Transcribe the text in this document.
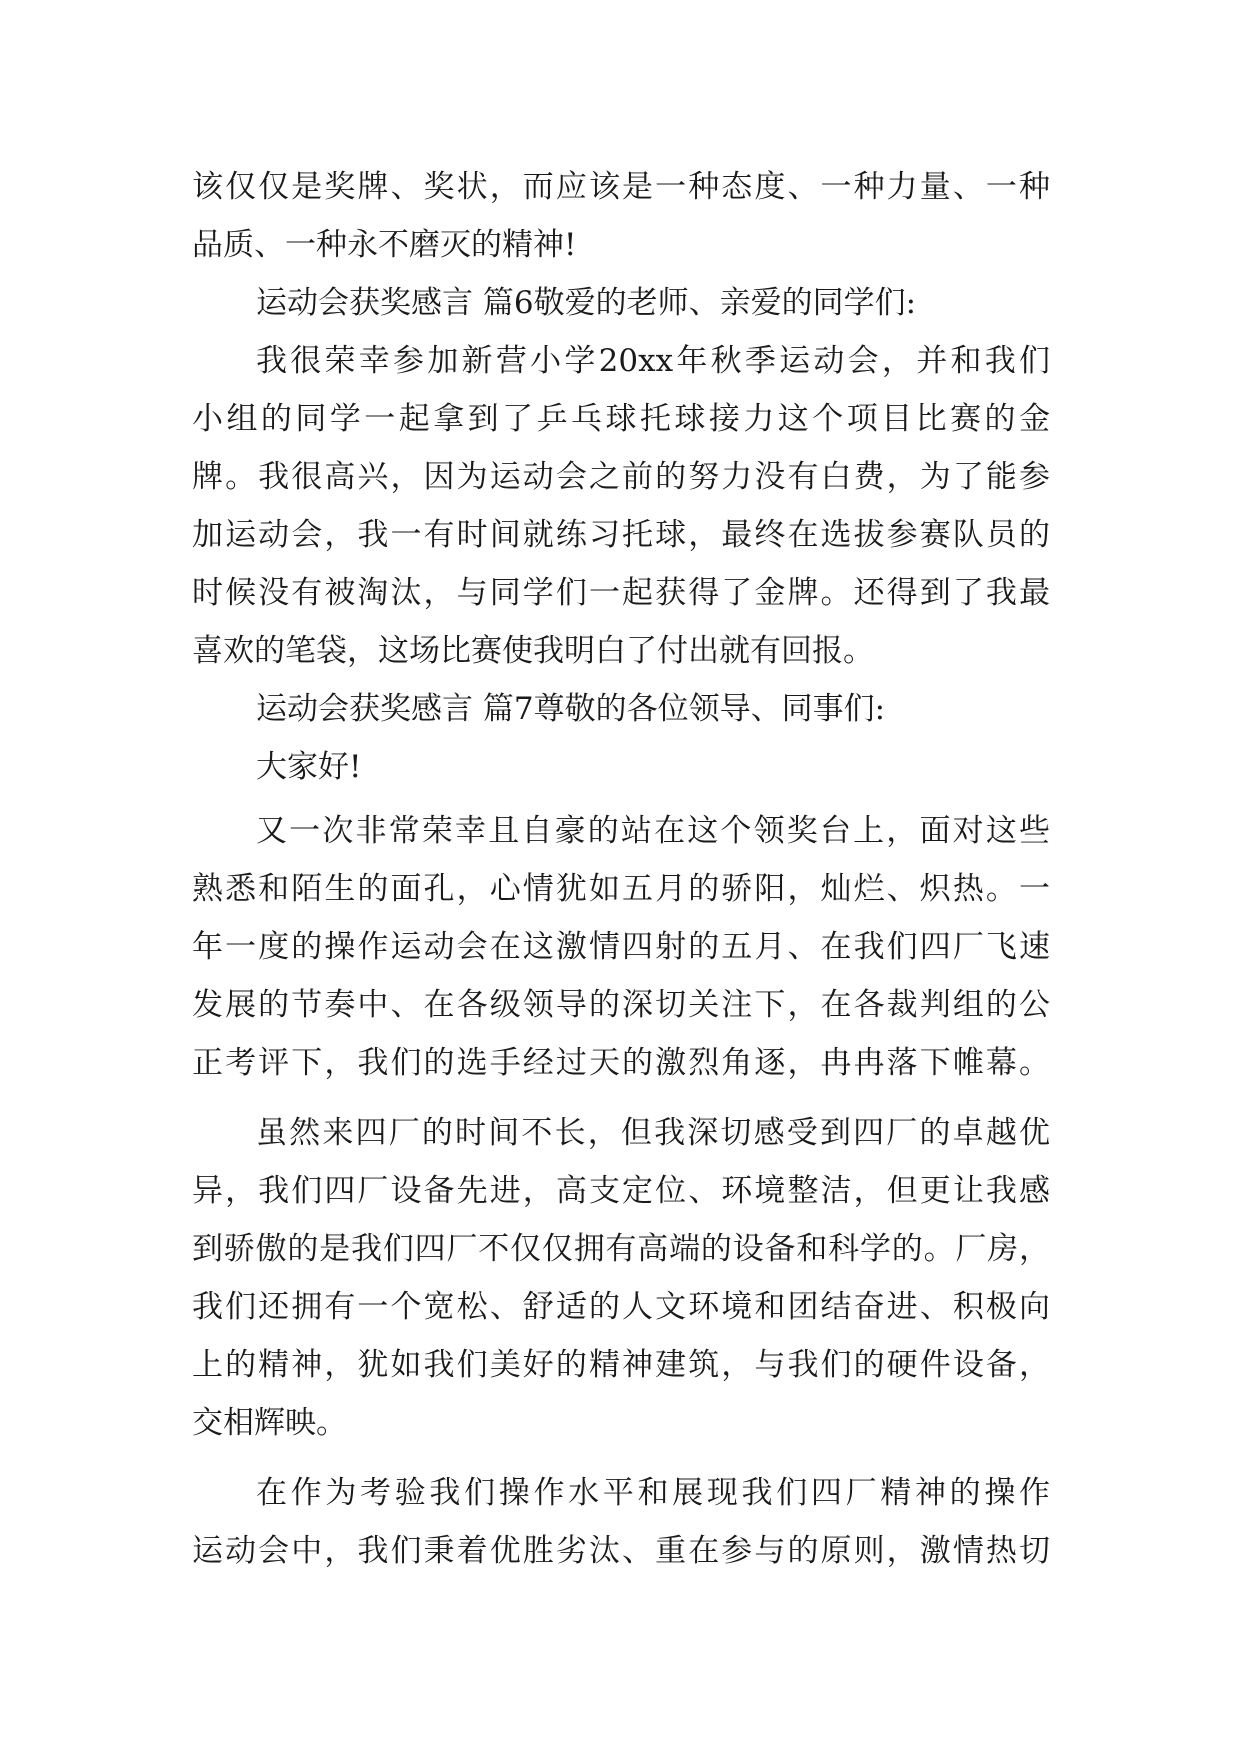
该仅仅是奖牌、奖状，而应该是一种态度、一种力量、一种
品质、一种永不磨灭的精神!
运动会获奖感言 篇6敬爱的老师、亲爱的同学们:
我很荣幸参加新营小学20xx年秋季运动会，并和我们
小组的同学一起拿到了乒乓球托球接力这个项目比赛的金
牌。我很高兴，因为运动会之前的努力没有白费，为了能参
加运动会，我一有时间就练习托球，最终在选拔参赛队员的
时候没有被淘汰，与同学们一起获得了金牌。还得到了我最
喜欢的笔袋，这场比赛使我明白了付出就有回报。
运动会获奖感言 篇7尊敬的各位领导、同事们:
大家好!
又一次非常荣幸且自豪的站在这个领奖台上，面对这些
熟悉和陌生的面孔，心情犹如五月的骄阳，灿烂、炽热。一
年一度的操作运动会在这激情四射的五月、在我们四厂飞速
发展的节奏中、在各级领导的深切关注下，在各裁判组的公
正考评下，我们的选手经过天的激烈角逐，冉冉落下帷幕。
虽然来四厂的时间不长，但我深切感受到四厂的卓越优
异，我们四厂设备先进，高支定位、环境整洁，但更让我感
到骄傲的是我们四厂不仅仅拥有高端的设备和科学的。厂房，
我们还拥有一个宽松、舒适的人文环境和团结奋进、积极向
上的精神，犹如我们美好的精神建筑，与我们的硬件设备，
交相辉映。
在作为考验我们操作水平和展现我们四厂精神的操作
运动会中，我们秉着优胜劣汰、重在参与的原则，激情热切
